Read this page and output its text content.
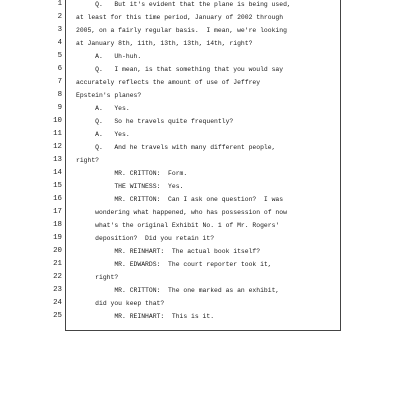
1 Q.   But it's evident that the plane is being used,
2 at least for this time period, January of 2002 through
3 2005, on a fairly regular basis.  I mean, we're looking
4 at January 8th, 11th, 13th, 13th, 14th, right?
5 A.   Uh-huh.
6 Q.   I mean, is that something that you would say
7 accurately reflects the amount of use of Jeffrey
8 Epstein's planes?
9 A.   Yes.
10 Q.   So he travels quite frequently?
11 A.   Yes.
12 Q.   And he travels with many different people,
13 right?
14 MR. CRITTON:  Form.
15 THE WITNESS:  Yes.
16 MR. CRITTON:  Can I ask one question?  I was
17 wondering what happened, who has possession of now
18 what's the original Exhibit No. 1 of Mr. Rogers'
19 deposition?  Did you retain it?
20 MR. REINHART:  The actual book itself?
21 MR. EDWARDS:  The court reporter took it,
22 right?
23 MR. CRITTON:  The one marked as an exhibit,
24 did you keep that?
25 MR. REINHART:  This is it.
